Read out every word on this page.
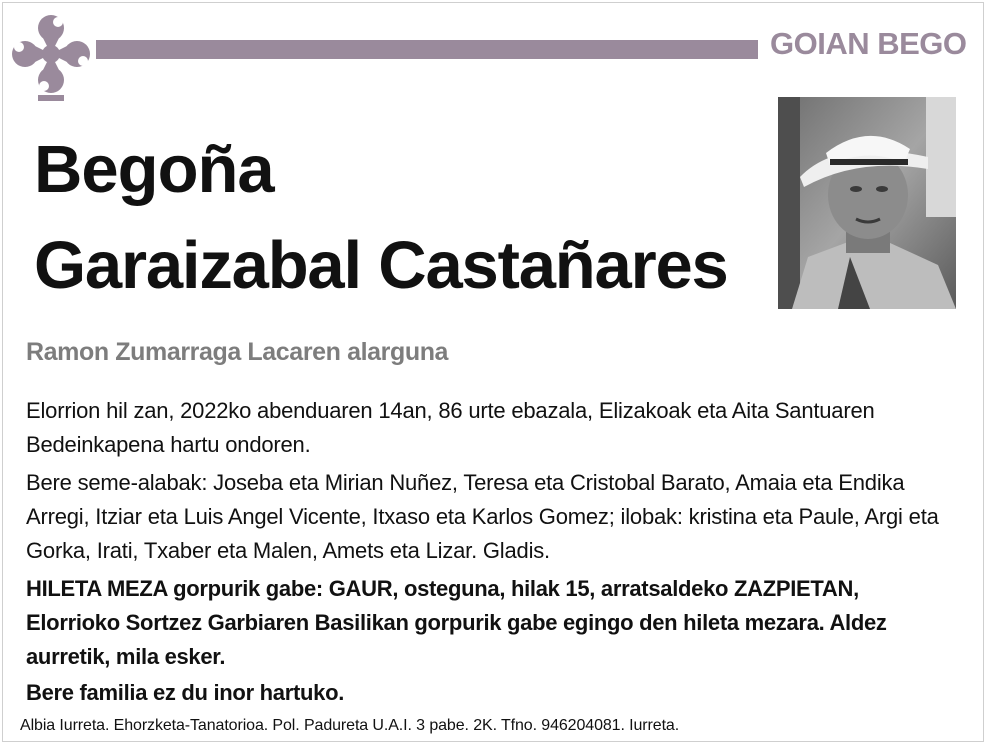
GOIAN BEGO
Begoña
Garaizabal Castañares
Ramon Zumarraga Lacaren alarguna
Elorrion hil zan, 2022ko abenduaren 14an, 86 urte ebazala, Elizakoak eta Aita Santuaren Bedeinkapena hartu ondoren.
Bere seme-alabak: Joseba eta Mirian Nuñez, Teresa eta Cristobal Barato, Amaia eta Endika Arregi, Itziar eta Luis Angel Vicente, Itxaso eta Karlos Gomez; ilobak: kristina eta Paule, Argi eta Gorka, Irati, Txaber eta Malen, Amets eta Lizar. Gladis.
HILETA MEZA gorpurik gabe: GAUR, osteguna, hilak 15, arratsaldeko ZAZPIETAN, Elorrioko Sortzez Garbiaren Basilikan gorpurik gabe egingo den hileta mezara. Aldez aurretik, mila esker.
Bere familia ez du inor hartuko.
Albia Iurreta. Ehorzketa-Tanatorioa. Pol. Padureta U.A.I. 3 pabe. 2K. Tfno. 946204081. Iurreta.
